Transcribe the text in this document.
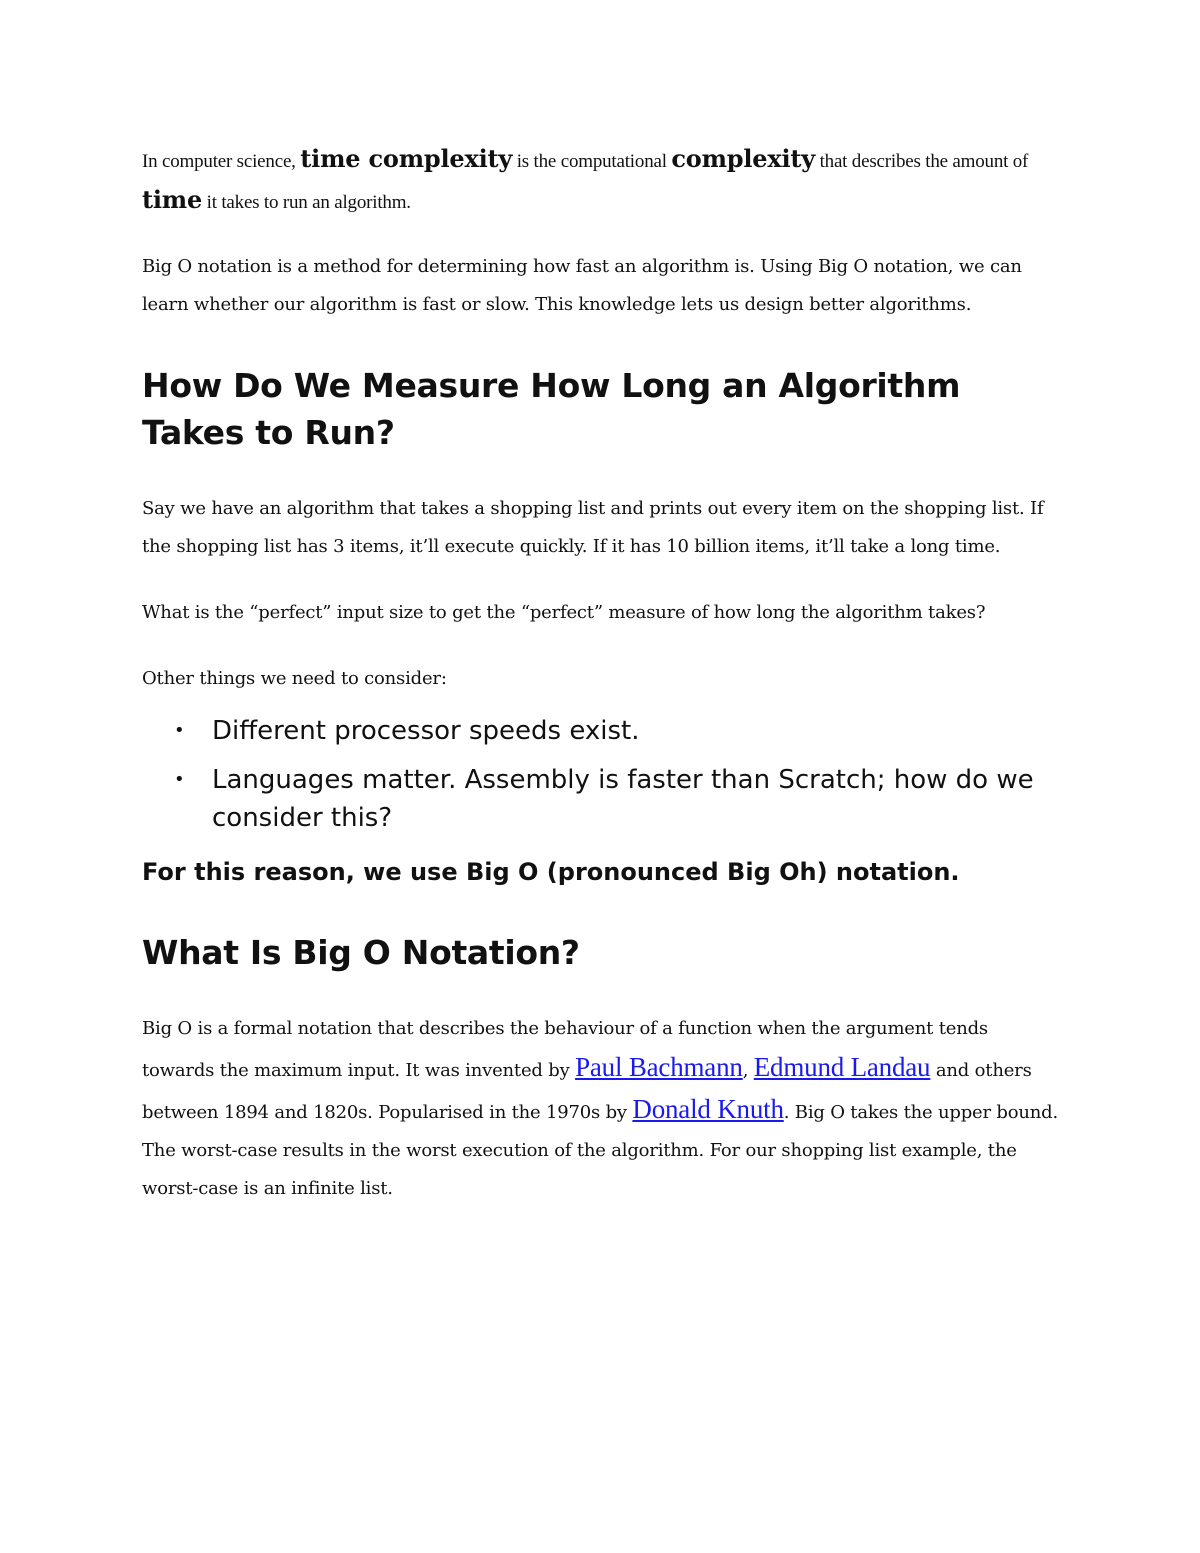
In computer science, time complexity is the computational complexity that describes the amount of time it takes to run an algorithm.

Big O notation is a method for determining how fast an algorithm is. Using Big O notation, we can learn whether our algorithm is fast or slow. This knowledge lets us design better algorithms.

How Do We Measure How Long an Algorithm Takes to Run?

Say we have an algorithm that takes a shopping list and prints out every item on the shopping list. If the shopping list has 3 items, it’ll execute quickly. If it has 10 billion items, it’ll take a long time.

What is the “perfect” input size to get the “perfect” measure of how long the algorithm takes?

Other things we need to consider:

• Different processor speeds exist.
• Languages matter. Assembly is faster than Scratch; how do we consider this?

For this reason, we use Big O (pronounced Big Oh) notation.

What Is Big O Notation?

Big O is a formal notation that describes the behaviour of a function when the argument tends towards the maximum input. It was invented by Paul Bachmann, Edmund Landau and others between 1894 and 1820s. Popularised in the 1970s by Donald Knuth. Big O takes the upper bound. The worst-case results in the worst execution of the algorithm. For our shopping list example, the worst-case is an infinite list.
